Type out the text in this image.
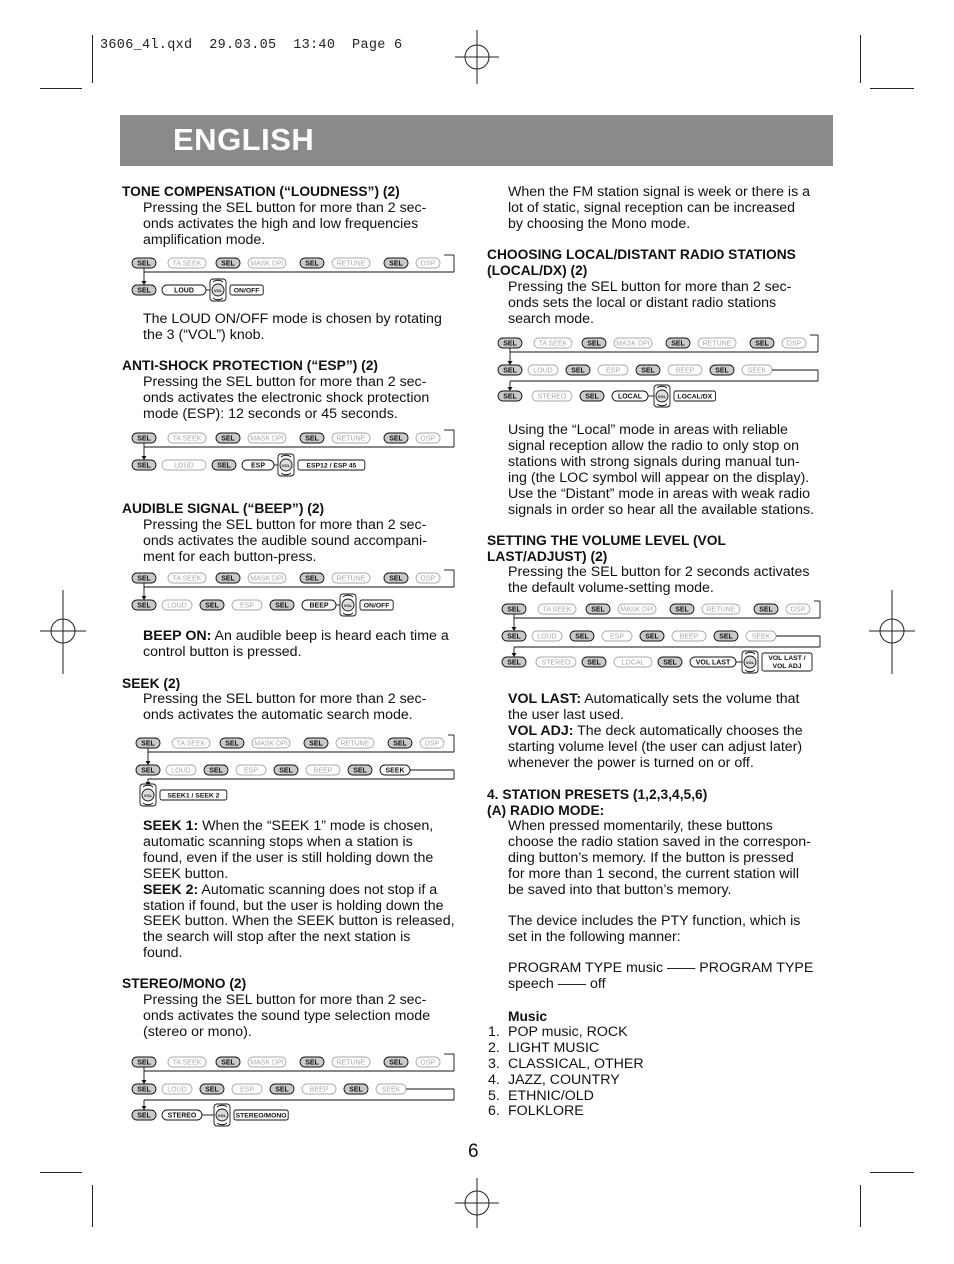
3606_4l.qxd  29.03.05  13:40  Page 6
ENGLISH
TONE COMPENSATION (“LOUDNESS”) (2)
Pressing the SEL button for more than 2 sec-
onds activates the high and low frequencies
amplification mode.
SEL	TA SEEK	SEL MASK DPI	SEL	RETUNE	SEL	DSP
SEL	LOUD	VOL ON/OFF
The LOUD ON/OFF mode is chosen by rotating
the 3 (“VOL”) knob.
ANTI-SHOCK PROTECTION (“ESP”) (2)
Pressing the SEL button for more than 2 sec-
onds activates the electronic shock protection
mode (ESP): 12 seconds or 45 seconds.
SEL	TA SEEK	SEL MASK DPI	SEL	RETUNE	SEL	DSP
SEL	LOUD	SEL	ESP	VOL ESP12 / ESP 45
AUDIBLE SIGNAL (“BEEP”) (2)
Pressing the SEL button for more than 2 sec-
onds activates the audible sound accompani-
ment for each button-press.
SEL	TA SEEK	SEL MASK DPI	SEL	RETUNE	SEL	DSP
SEL LOUD	SEL	ESP	SEL	BEEP	VOL ON/OFF
BEEP ON: An audible beep is heard each time a
control button is pressed.
SEEK (2)
Pressing the SEL button for more than 2 sec-
onds activates the automatic search mode.
SEL	TA SEEK	SEL MASK DPI	SEL	RETUNE	SEL	DSP
SEL LOUD	SEL	ESP	SEL	BEEP	SEL	SEEK
VOL SEEK1 / SEEK 2
SEEK 1: When the “SEEK 1” mode is chosen,
automatic scanning stops when a station is
found, even if the user is still holding down the
SEEK button.
SEEK 2: Automatic scanning does not stop if a
station if found, but the user is holding down the
SEEK button. When the SEEK button is released,
the search will stop after the next station is
found.
STEREO/MONO (2)
Pressing the SEL button for more than 2 sec-
onds activates the sound type selection mode
(stereo or mono).
SEL	TA SEEK	SEL MASK DPI	SEL	RETUNE	SEL	DSP
SEL LOUD	SEL	ESP	SEL	BEEP	SEL	SEEK
SEL STEREO	VOL STEREO/MONO
When the FM station signal is week or there is a
lot of static, signal reception can be increased
by choosing the Mono mode.
CHOOSING LOCAL/DISTANT RADIO STATIONS
(LOCAL/DX) (2)
Pressing the SEL button for more than 2 sec-
onds sets the local or distant radio stations
search mode.
SEL	TA SEEK	SEL MASK DPI	SEL	RETUNE	SEL	DSP
SEL LOUD	SEL	ESP	SEL	BEEP	SEL	SEEK
SEL	STEREO	SEL	LOCAL	VOL LOCAL/DX
Using the “Local” mode in areas with reliable
signal reception allow the radio to only stop on
stations with strong signals during manual tun-
ing (the LOC symbol will appear on the display).
Use the “Distant” mode in areas with weak radio
signals in order so hear all the available stations.
SETTING THE VOLUME LEVEL (VOL
LAST/ADJUST) (2)
Pressing the SEL button for 2 seconds activates
the default volume-setting mode.
SEL	TA SEEK	SEL MASK DPI	SEL	RETUNE	SEL	DSP
SEL LOUD	SEL	ESP	SEL	BEEP	SEL	SEEK
SEL	STEREO SEL	LOCAL	SEL	VOL LAST	VOL
VOL LAST /
VOL ADJ
VOL LAST: Automatically sets the volume that
the user last used.
VOL ADJ: The deck automatically chooses the
starting volume level (the user can adjust later)
whenever the power is turned on or off.
4. STATION PRESETS (1,2,3,4,5,6)
(A) RADIO MODE:
When pressed momentarily, these buttons
choose the radio station saved in the correspon-
ding button’s memory. If the button is pressed
for more than 1 second, the current station will
be saved into that button’s memory.
The device includes the PTY function, which is
set in the following manner:
PROGRAM TYPE music —— PROGRAM TYPE
speech —— off
Music
1. POP music, ROCK
2. LIGHT MUSIC
3. CLASSICAL, OTHER
4. JAZZ, COUNTRY
5. ETHNIC/OLD
6. FOLKLORE
6
